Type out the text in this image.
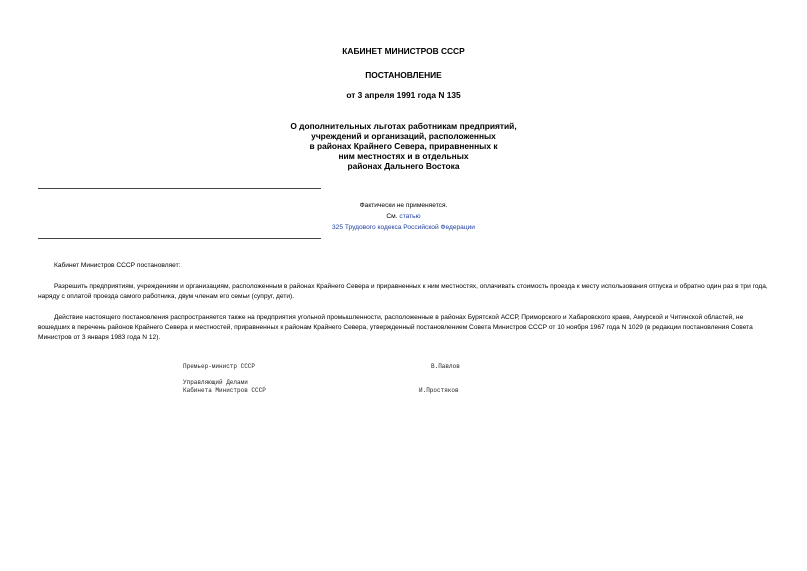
КАБИНЕТ МИНИСТРОВ СССР
ПОСТАНОВЛЕНИЕ
от 3 апреля 1991 года N 135
О дополнительных льготах работникам предприятий,
учреждений и организаций, расположенных
в районах Крайнего Севера, приравненных к
ним местностях и в отдельных
районах Дальнего Востока
Фактически не применяется.
См. статью
325 Трудового кодекса Российской Федерации

Кабинет Министров СССР постановляет:

Разрешить предприятиям, учреждениям и организациям, расположенным в районах Крайнего Севера и приравненных к ним местностях, оплачивать стоимость проезда к месту использования отпуска и обратно один раз в три года, наряду с оплатой проезда самого работника, двум членам его семьи (супруг, дети).

Действие настоящего постановления распространяется также на предприятия угольной промышленности, расположенные в районах Бурятской АССР, Приморского и Хабаровского краев, Амурской и Читинской областей, не вошедших в перечень районов Крайнего Севера и местностей, приравненных к районам Крайнего Севера, утвержденный постановлением Совета Министров СССР от 10 ноября 1967 года N 1029 (в редакции постановления Совета Министров от 3 января 1983 года N 12).

Премьер-министр СССР	В.Павлов
Управляющий Делами
Кабинета Министров СССР	И.Простяков
